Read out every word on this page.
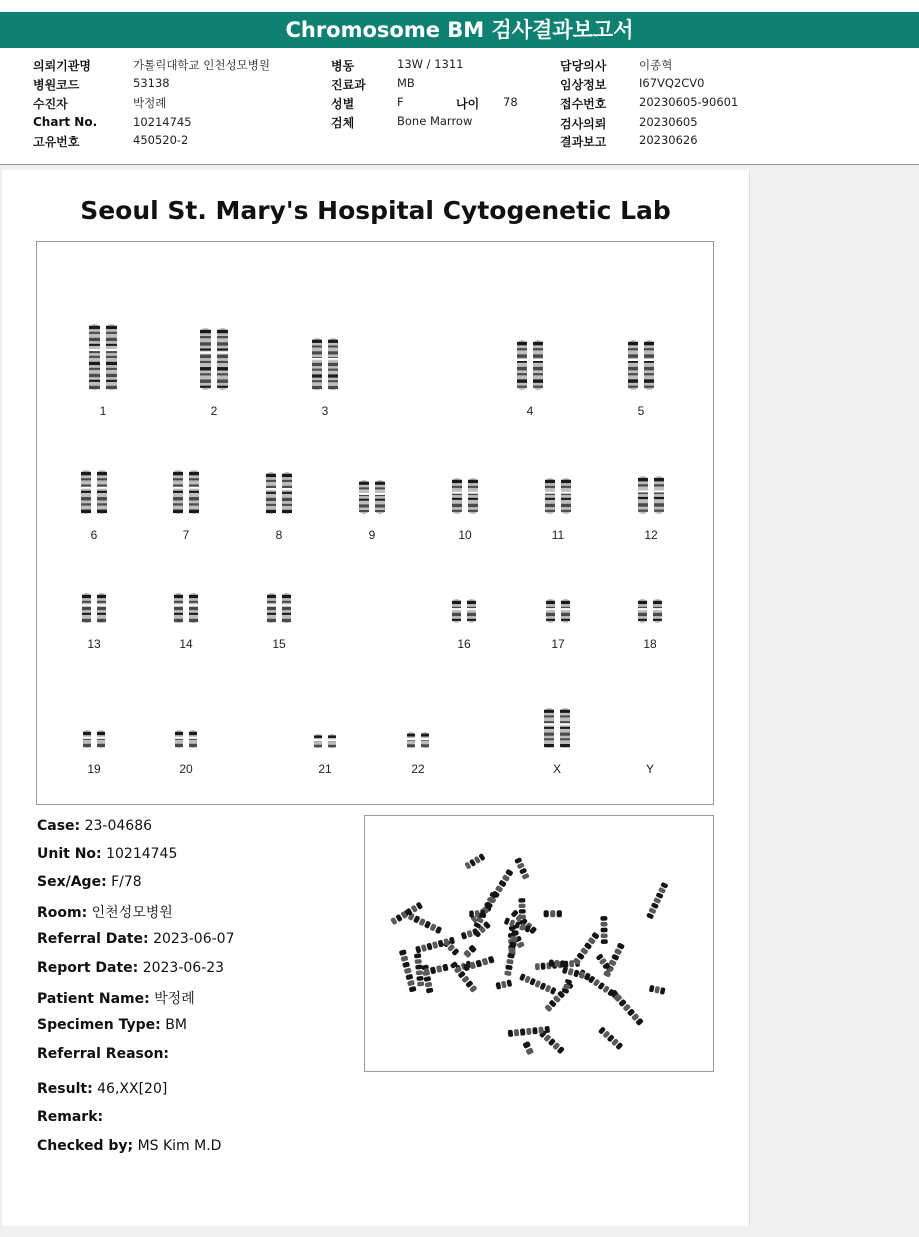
Chromosome BM 검사결과보고서
의뢰기관명	가톨릭대학교 인천성모병원
병원코드	53138
수진자	박정례
Chart No.	10214745
고유번호	450520-2
병동	13W / 1311
진료과	MB
성별	F	나이 78
검체	Bone Marrow
담당의사	이종혁
임상정보	I67VQ2CV0
접수번호	20230605-90601
검사의뢰	20230605
결과보고	20230626
Seoul St. Mary's Hospital Cytogenetic Lab
1	2	3	4	5
6	7	8	9	10	11	12
13	14	15	16	17	18
19	20	21	22	X	Y
Case: 23-04686
Unit No: 10214745
Sex/Age: F/78
Room: 인천성모병원
Referral Date: 2023-06-07
Report Date: 2023-06-23
Patient Name: 박정례
Specimen Type: BM
Referral Reason:
Result: 46,XX[20]
Remark:
Checked by; MS Kim M.D
